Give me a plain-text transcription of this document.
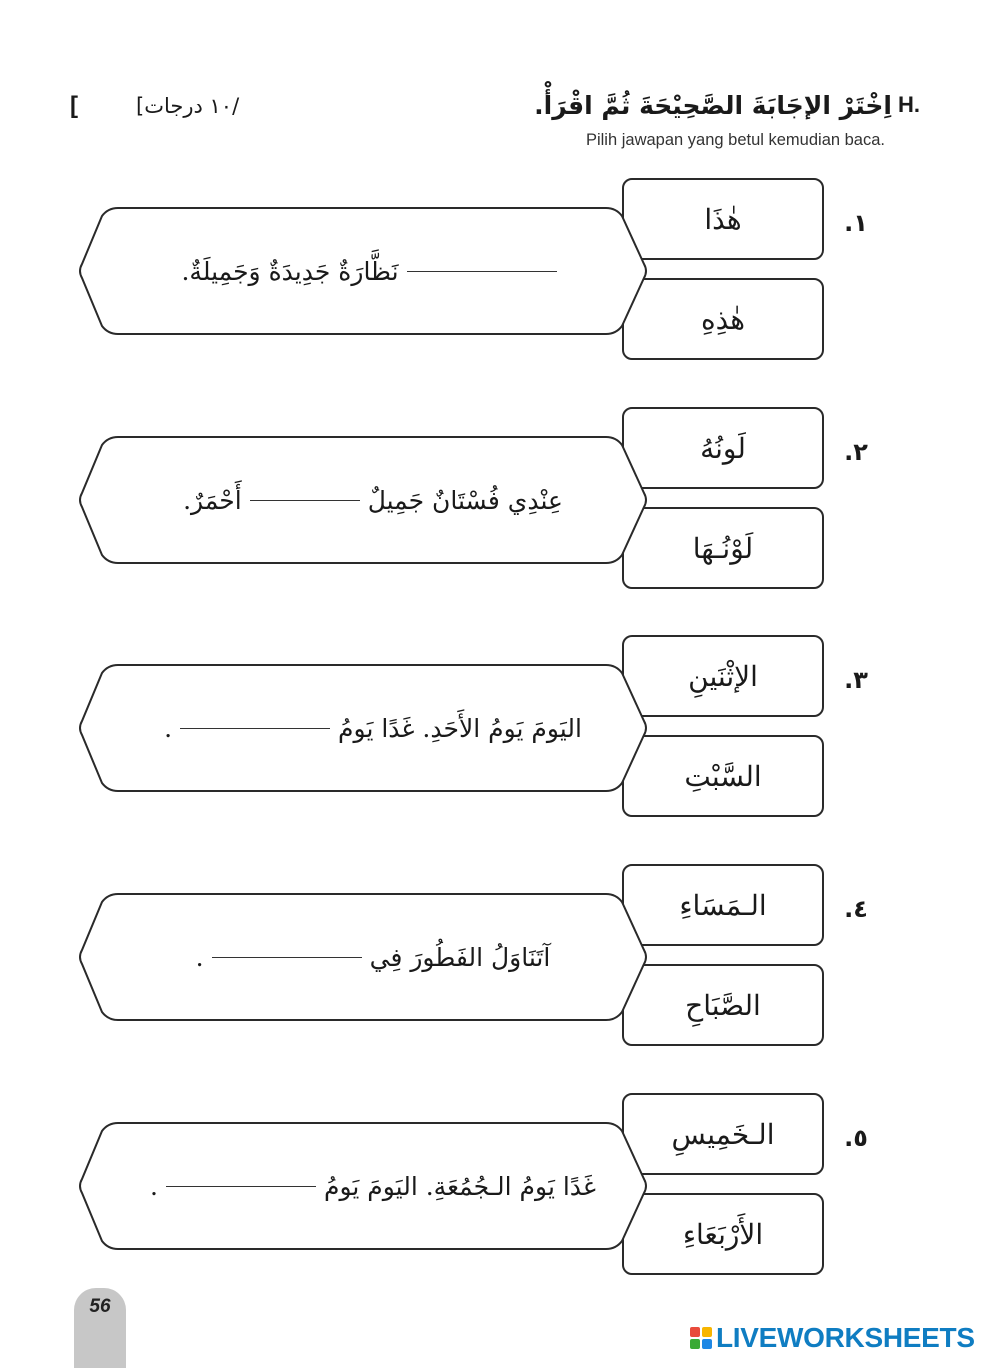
اِخْتَرْ الإجَابَةَ الصَّحِيْحَةَ ثُمَّ اقْرَأْ. H.
Pilih jawapan yang betul kemudian baca.
[	/١٠ درجات]
١.
هٰذَا
هٰذِهِ
نَظَّارَةٌ جَدِيدَةٌ وَجَمِيلَةٌ.
٢.
لَونُهُ
لَوْنُـهَا
عِنْدِي فُسْتَانٌ جَمِيلٌ
أَحْمَرٌ.
٣.
الإثْنَينِ
السَّبْتِ
اليَومَ يَومُ الأَحَدِ. غَدًا يَومُ
.
٤.
الـمَسَاءِ
الصَّبَاحِ
آتَنَاوَلُ الفَطُورَ فِي
.
٥.
الـخَمِيسِ
الأَرْبَعَاءِ
غَدًا يَومُ الـجُمُعَةِ. اليَومَ يَومُ
.
56
LIVEWORKSHEETS
